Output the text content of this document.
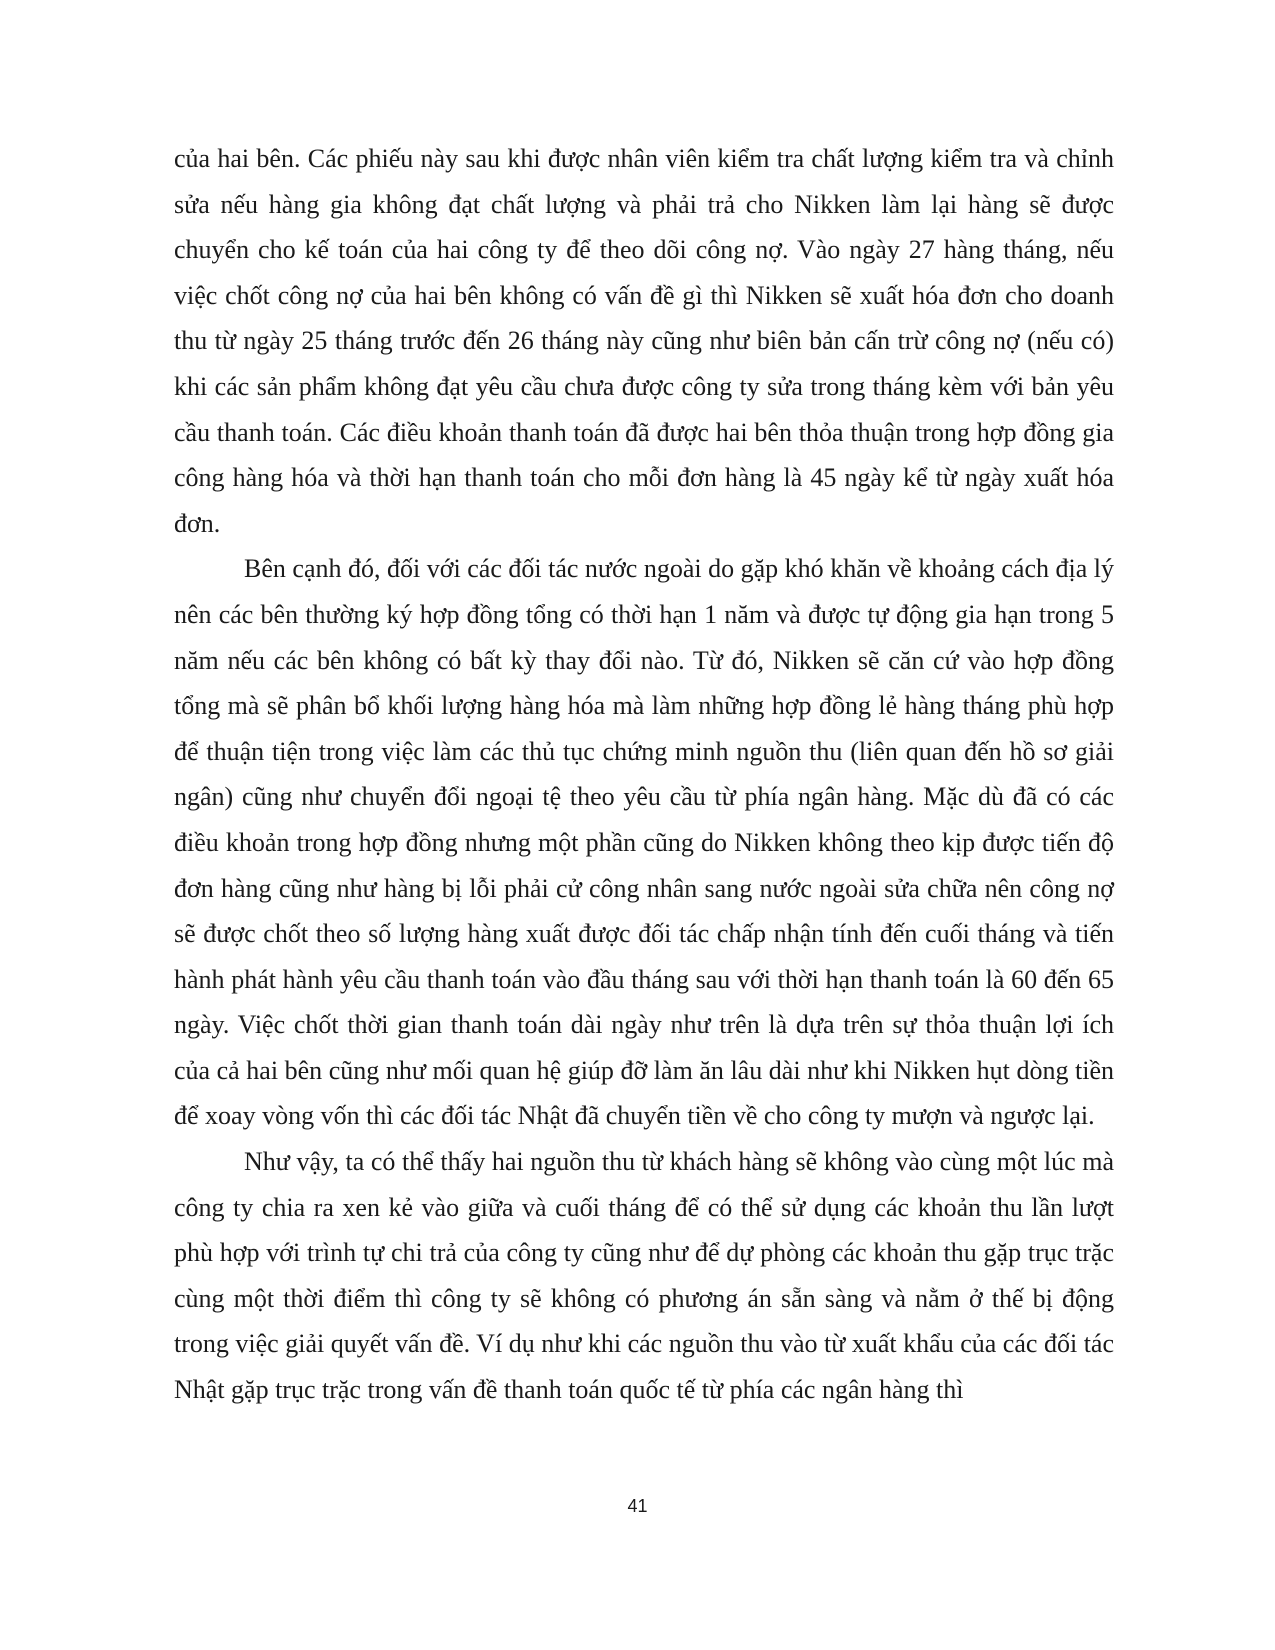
của hai bên. Các phiếu này sau khi được nhân viên kiểm tra chất lượng kiểm tra và chỉnh sửa nếu hàng gia không đạt chất lượng và phải trả cho Nikken làm lại hàng sẽ được chuyển cho kế toán của hai công ty để theo dõi công nợ. Vào ngày 27 hàng tháng, nếu việc chốt công nợ của hai bên không có vấn đề gì thì Nikken sẽ xuất hóa đơn cho doanh thu từ ngày 25 tháng trước đến 26 tháng này cũng như biên bản cấn trừ công nợ (nếu có) khi các sản phẩm không đạt yêu cầu chưa được công ty sửa trong tháng kèm với bản yêu cầu thanh toán. Các điều khoản thanh toán đã được hai bên thỏa thuận trong hợp đồng gia công hàng hóa và thời hạn thanh toán cho mỗi đơn hàng là 45 ngày kể từ ngày xuất hóa đơn.

Bên cạnh đó, đối với các đối tác nước ngoài do gặp khó khăn về khoảng cách địa lý nên các bên thường ký hợp đồng tổng có thời hạn 1 năm và được tự động gia hạn trong 5 năm nếu các bên không có bất kỳ thay đổi nào. Từ đó, Nikken sẽ căn cứ vào hợp đồng tổng mà sẽ phân bổ khối lượng hàng hóa mà làm những hợp đồng lẻ hàng tháng phù hợp để thuận tiện trong việc làm các thủ tục chứng minh nguồn thu (liên quan đến hồ sơ giải ngân) cũng như chuyển đổi ngoại tệ theo yêu cầu từ phía ngân hàng. Mặc dù đã có các điều khoản trong hợp đồng nhưng một phần cũng do Nikken không theo kịp được tiến độ đơn hàng cũng như hàng bị lỗi phải cử công nhân sang nước ngoài sửa chữa nên công nợ sẽ được chốt theo số lượng hàng xuất được đối tác chấp nhận tính đến cuối tháng và tiến hành phát hành yêu cầu thanh toán vào đầu tháng sau với thời hạn thanh toán là 60 đến 65 ngày. Việc chốt thời gian thanh toán dài ngày như trên là dựa trên sự thỏa thuận lợi ích của cả hai bên cũng như mối quan hệ giúp đỡ làm ăn lâu dài như khi Nikken hụt dòng tiền để xoay vòng vốn thì các đối tác Nhật đã chuyển tiền về cho công ty mượn và ngược lại.

Như vậy, ta có thể thấy hai nguồn thu từ khách hàng sẽ không vào cùng một lúc mà công ty chia ra xen kẻ vào giữa và cuối tháng để có thể sử dụng các khoản thu lần lượt phù hợp với trình tự chi trả của công ty cũng như để dự phòng các khoản thu gặp trục trặc cùng một thời điểm thì công ty sẽ không có phương án sẵn sàng và nằm ở thế bị động trong việc giải quyết vấn đề. Ví dụ như khi các nguồn thu vào từ xuất khẩu của các đối tác Nhật gặp trục trặc trong vấn đề thanh toán quốc tế từ phía các ngân hàng thì

41
